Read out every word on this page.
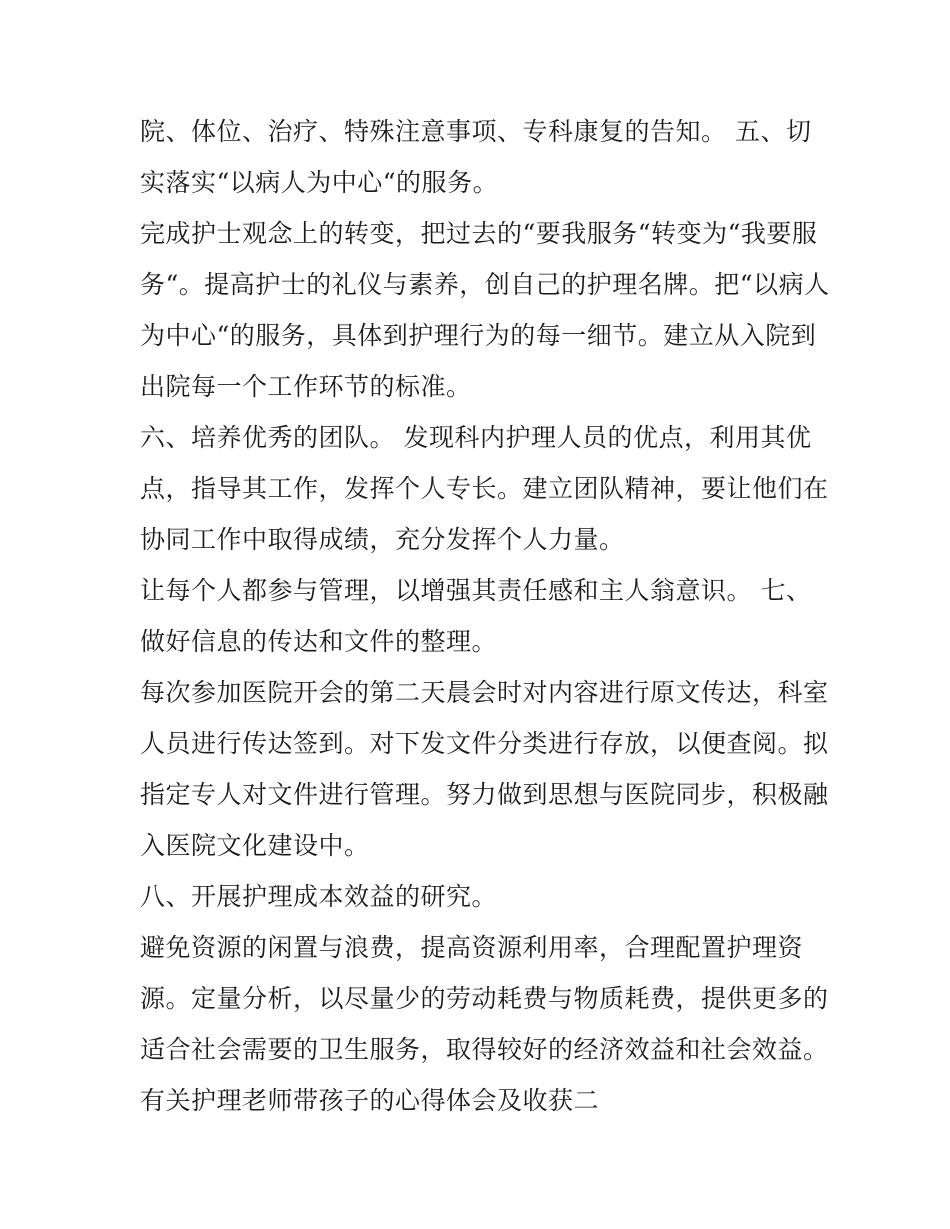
院、体位、治疗、特殊注意事项、专科康复的告知。 五、切
实落实“以病人为中心“的服务。
完成护士观念上的转变，把过去的“要我服务“转变为“我要服
务“。提高护士的礼仪与素养，创自己的护理名牌。把“以病人
为中心“的服务，具体到护理行为的每一细节。建立从入院到
出院每一个工作环节的标准。
六、培养优秀的团队。 发现科内护理人员的优点，利用其优
点，指导其工作，发挥个人专长。建立团队精神，要让他们在
协同工作中取得成绩，充分发挥个人力量。
让每个人都参与管理，以增强其责任感和主人翁意识。 七、
做好信息的传达和文件的整理。
每次参加医院开会的第二天晨会时对内容进行原文传达，科室
人员进行传达签到。对下发文件分类进行存放，以便查阅。拟
指定专人对文件进行管理。努力做到思想与医院同步，积极融
入医院文化建设中。
八、开展护理成本效益的研究。
避免资源的闲置与浪费，提高资源利用率，合理配置护理资
源。定量分析，以尽量少的劳动耗费与物质耗费，提供更多的
适合社会需要的卫生服务，取得较好的经济效益和社会效益。
有关护理老师带孩子的心得体会及收获二
